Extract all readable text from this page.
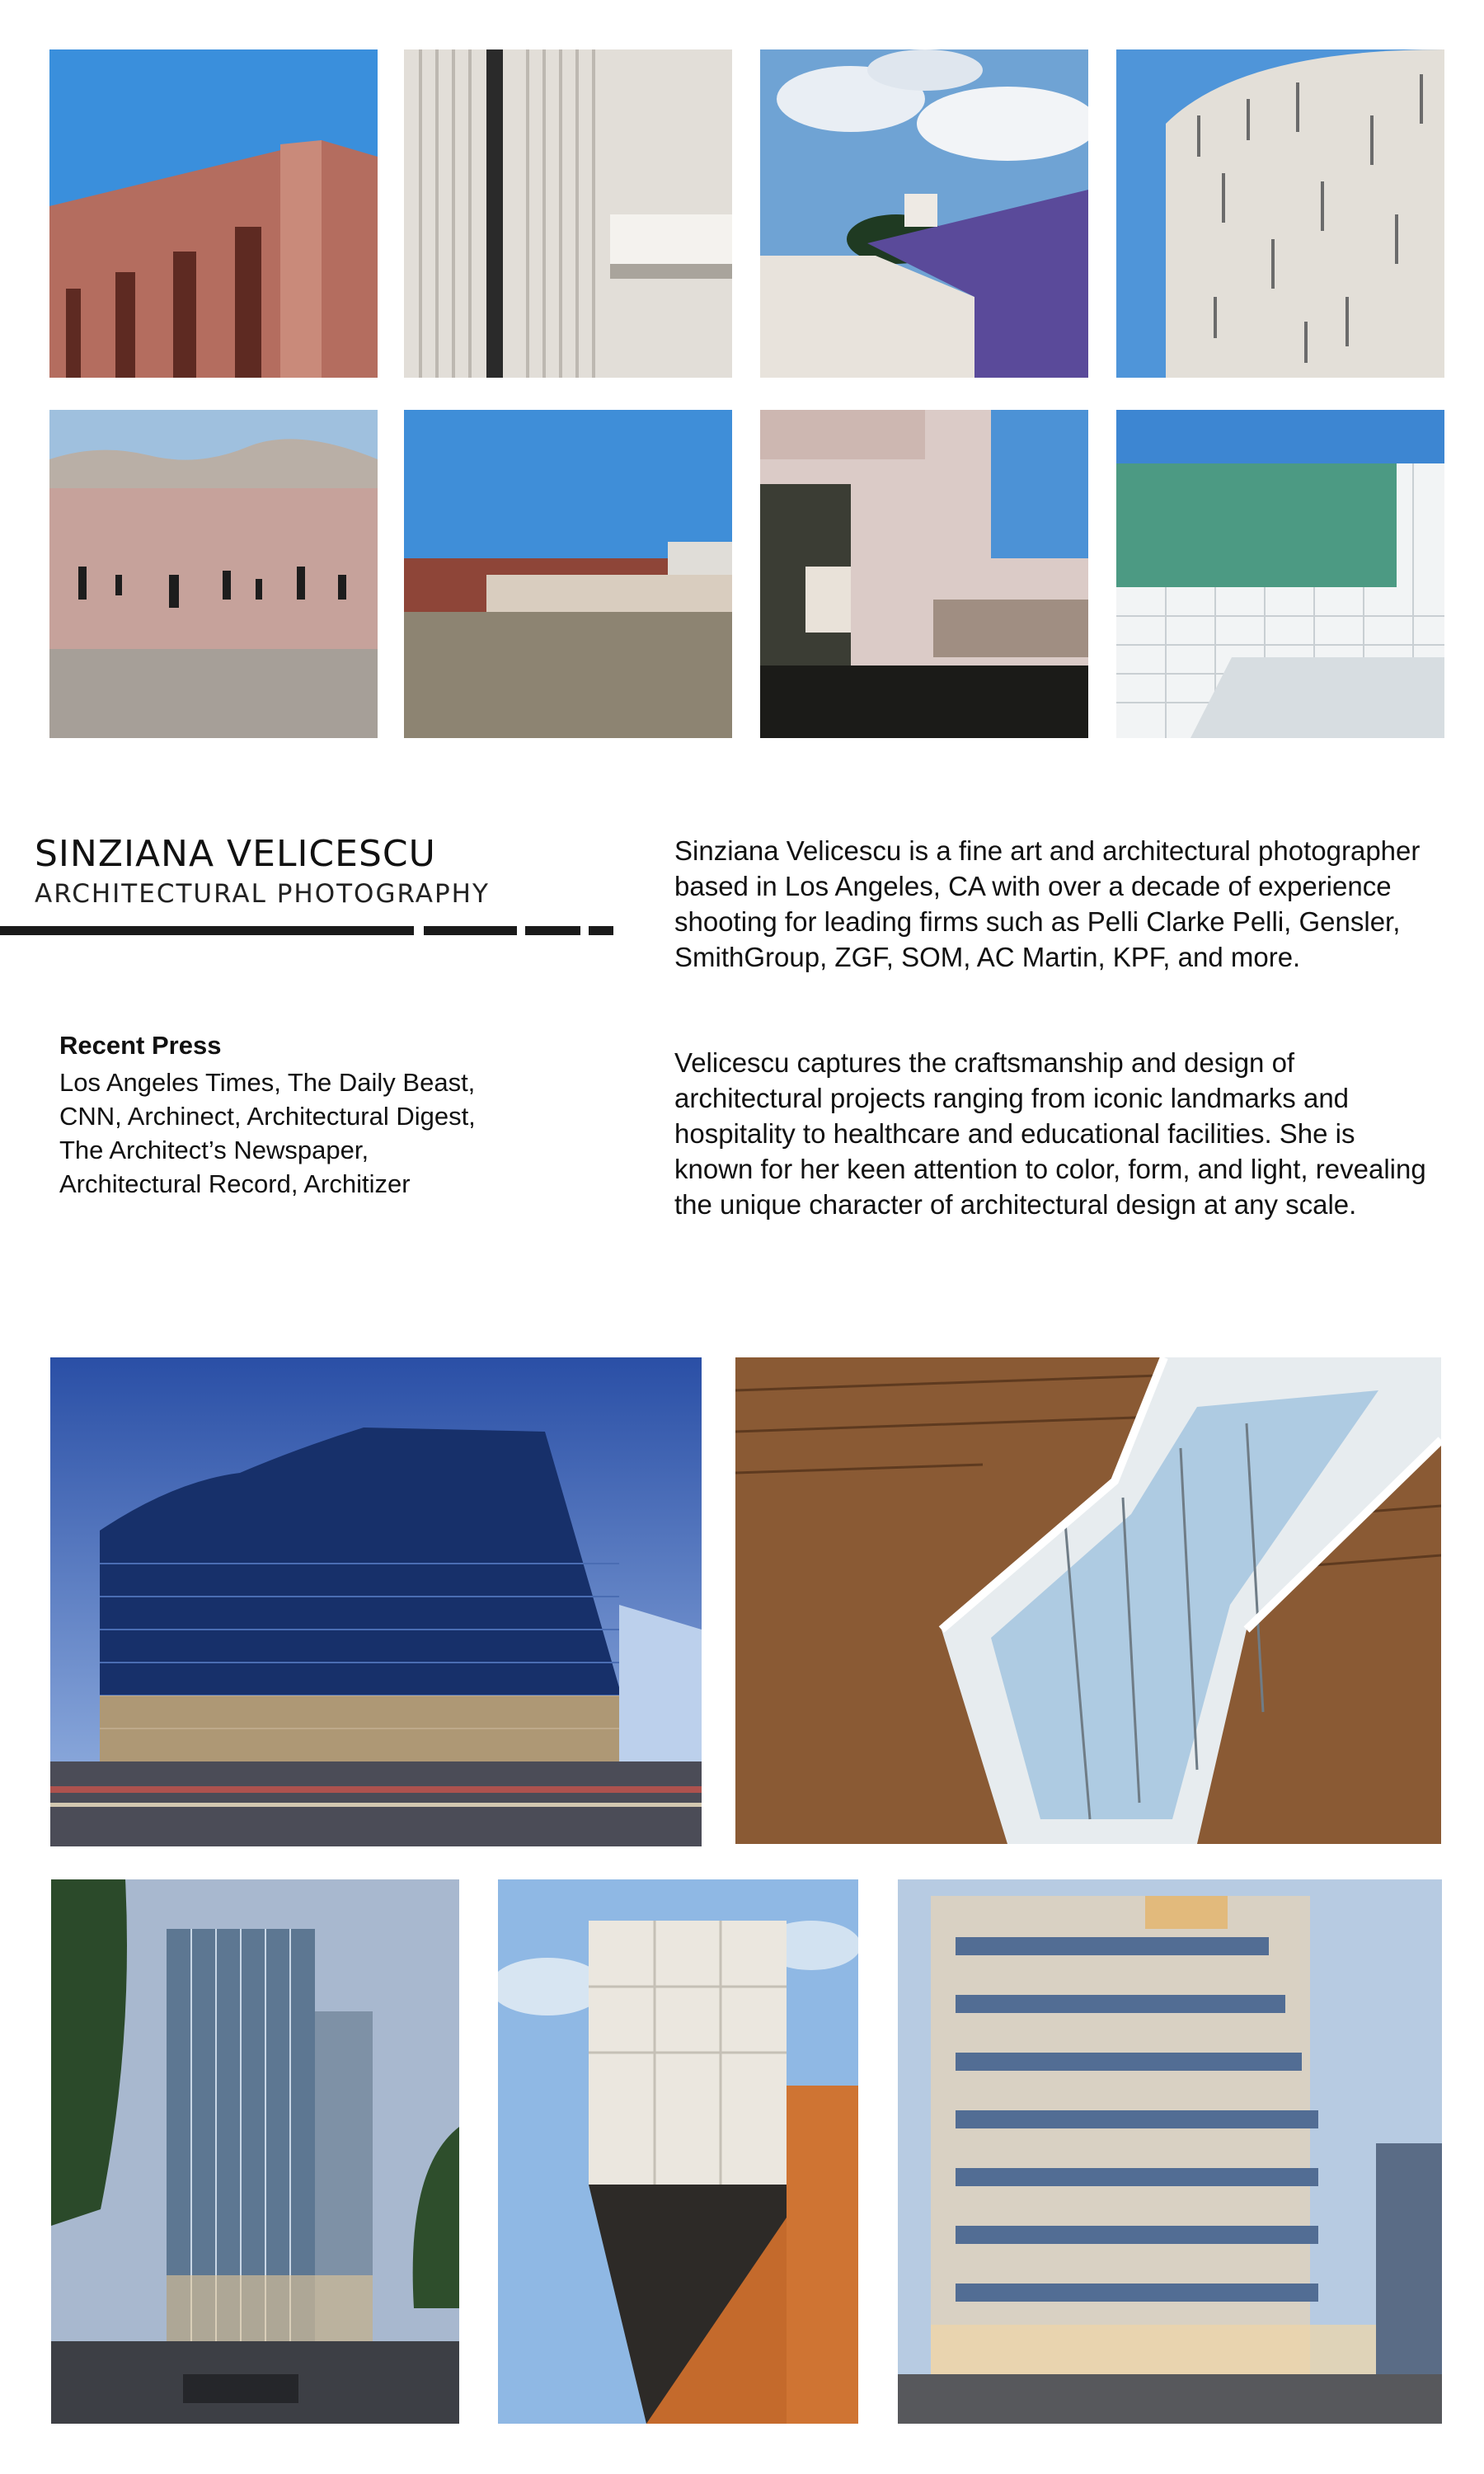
SINZIANA VELICESCU
ARCHITECTURAL PHOTOGRAPHY
Recent Press
Los Angeles Times, The Daily Beast,
CNN, Archinect, Architectural Digest,
The Architect’s Newspaper,
Architectural Record, Architizer

Sinziana Velicescu is a fine art and architectural photographer based in Los Angeles, CA with over a decade of experience shooting for leading firms such as Pelli Clarke Pelli, Gensler, SmithGroup, ZGF, SOM, AC Martin, KPF, and more.

Velicescu captures the craftsmanship and design of architectural projects ranging from iconic landmarks and hospitality to healthcare and educational facilities. She is known for her keen attention to color, form, and light, revealing the unique character of architectural design at any scale.
